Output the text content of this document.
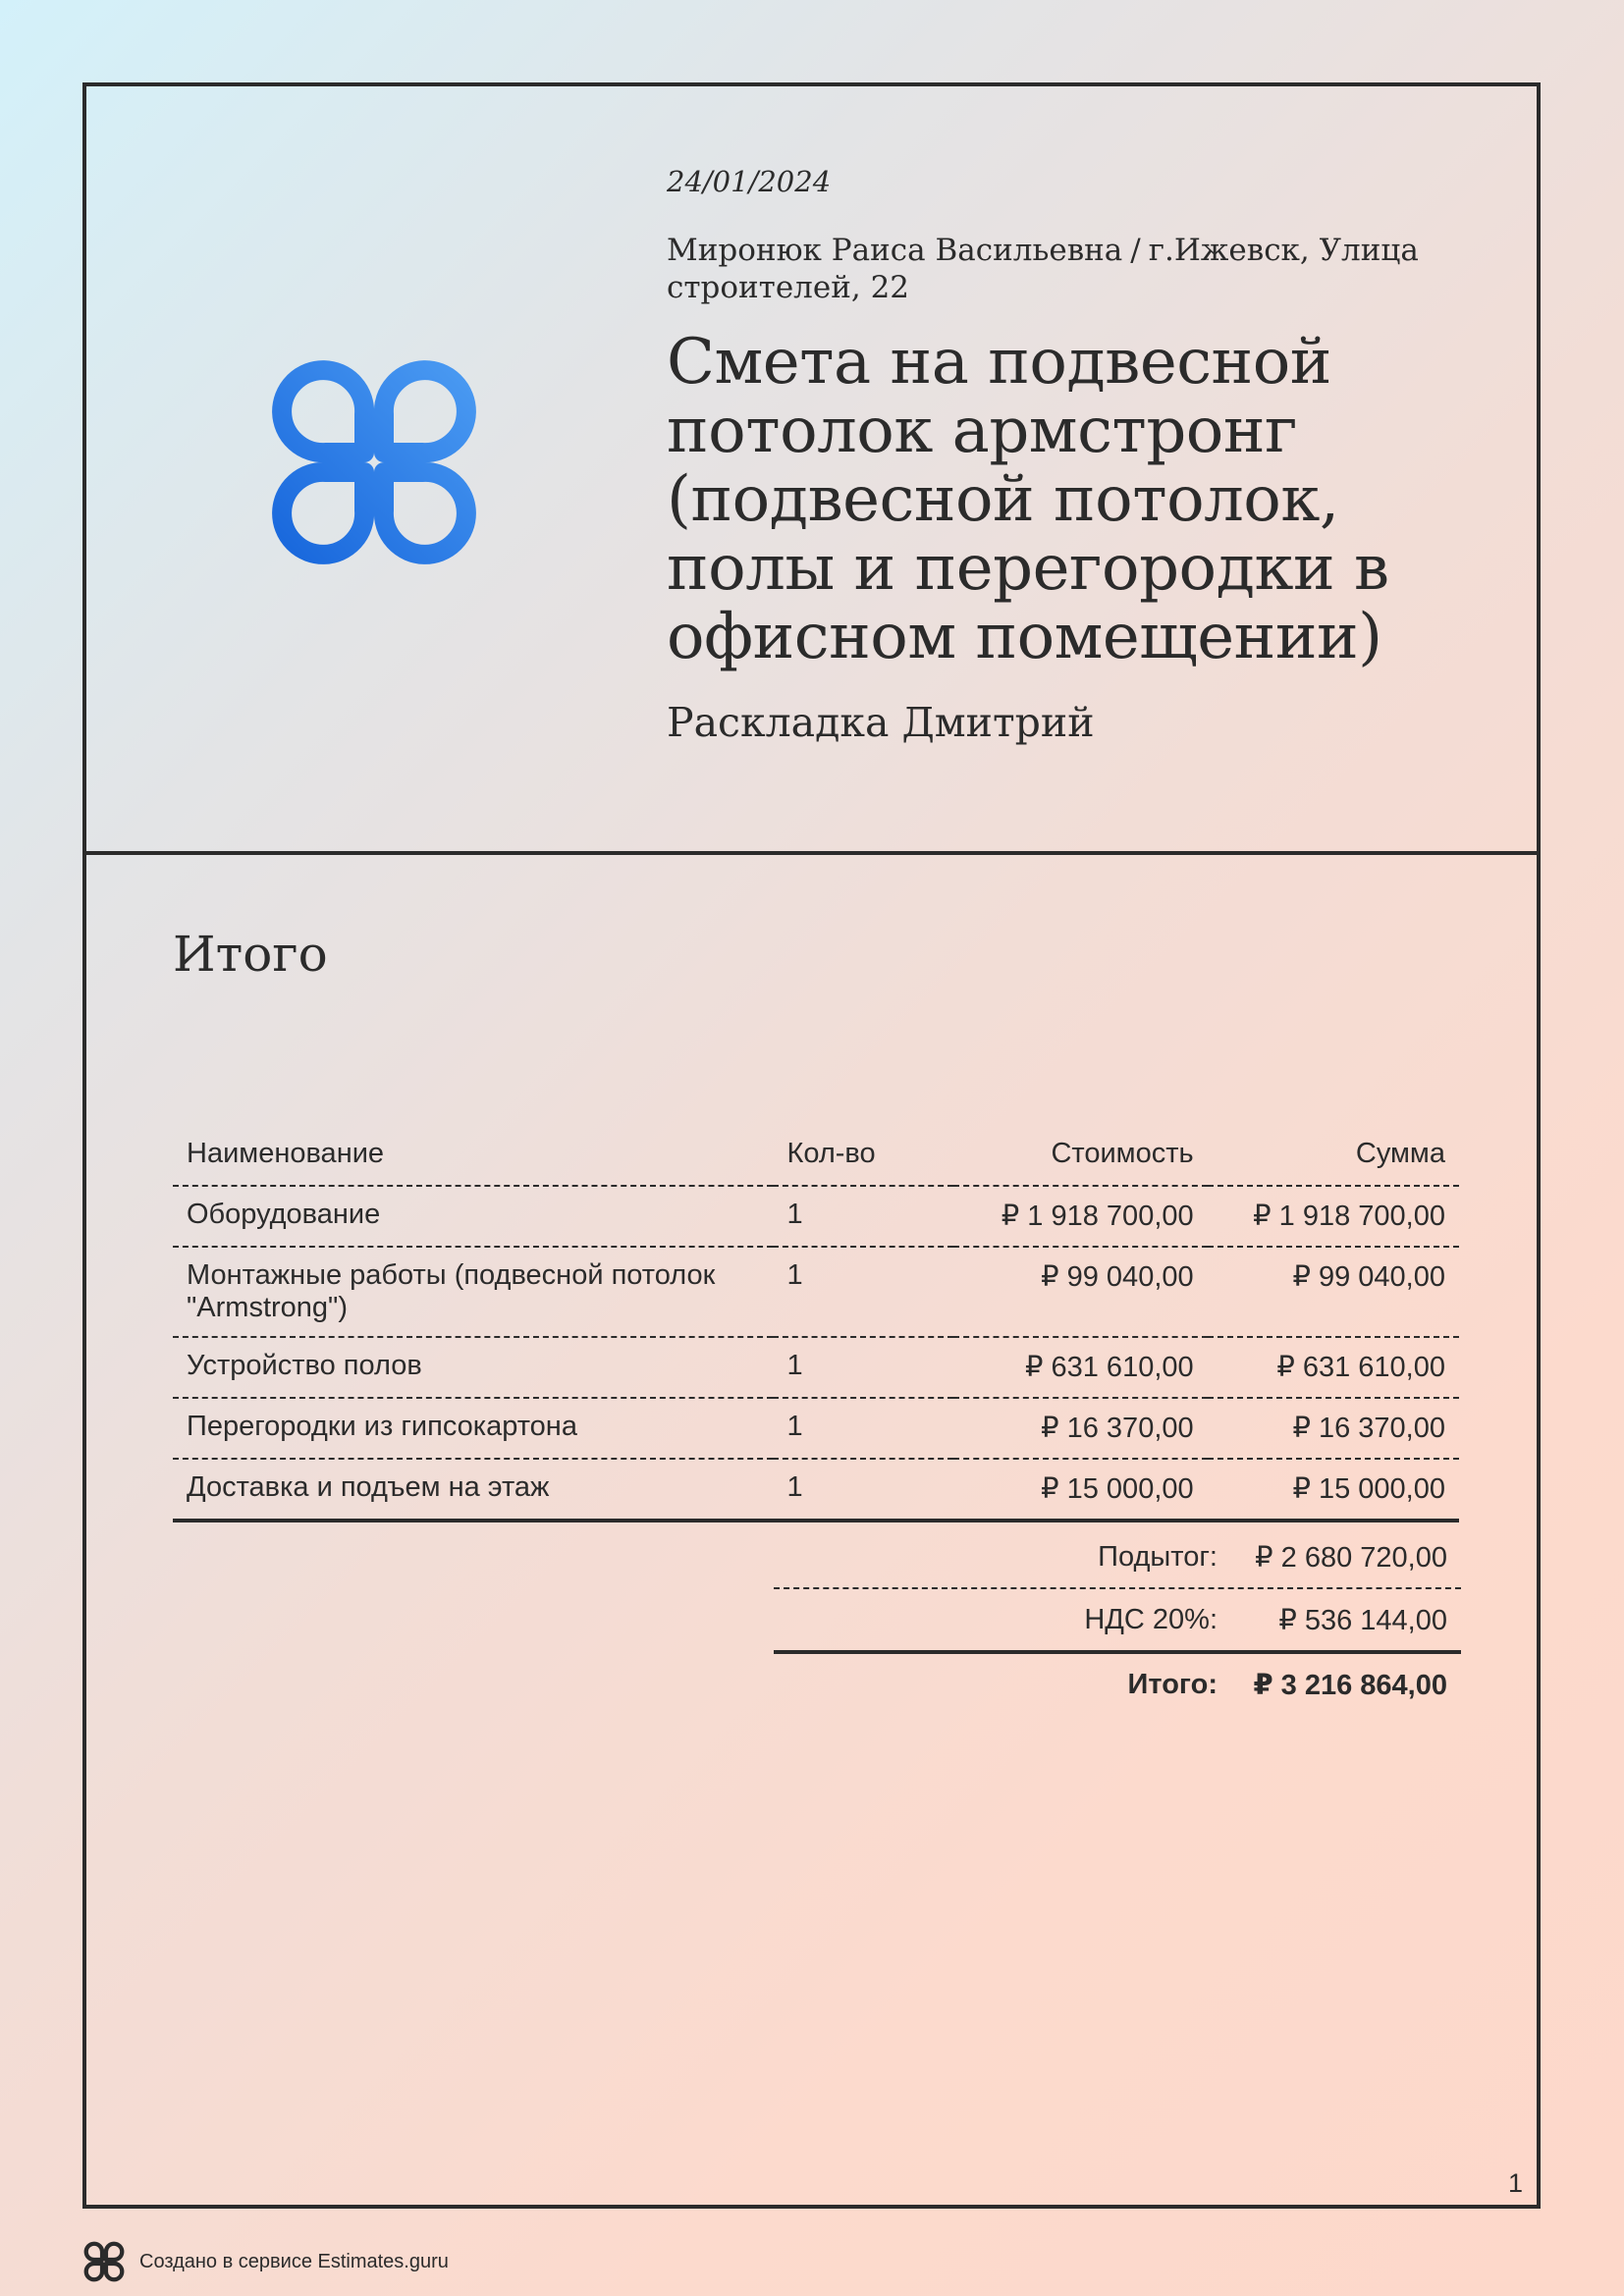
24/01/2024

Миронюк Раиса Васильевна / г.Ижевск, Улица строителей, 22

Смета на подвесной потолок армстронг (подвесной потолок, полы и перегородки в офисном помещении)

Раскладка Дмитрий

Итого
Наименование	Кол-во	Стоимость	Сумма
Оборудование	1	₽ 1 918 700,00	₽ 1 918 700,00
Монтажные работы (подвесной потолок "Armstrong")	1	₽ 99 040,00	₽ 99 040,00
Устройство полов	1	₽ 631 610,00	₽ 631 610,00
Перегородки из гипсокартона	1	₽ 16 370,00	₽ 16 370,00
Доставка и подъем на этаж	1	₽ 15 000,00	₽ 15 000,00
Подытог:	₽ 2 680 720,00
НДС 20%:	₽ 536 144,00
Итого:	₽ 3 216 864,00
1
Создано в сервисе Estimates.guru
